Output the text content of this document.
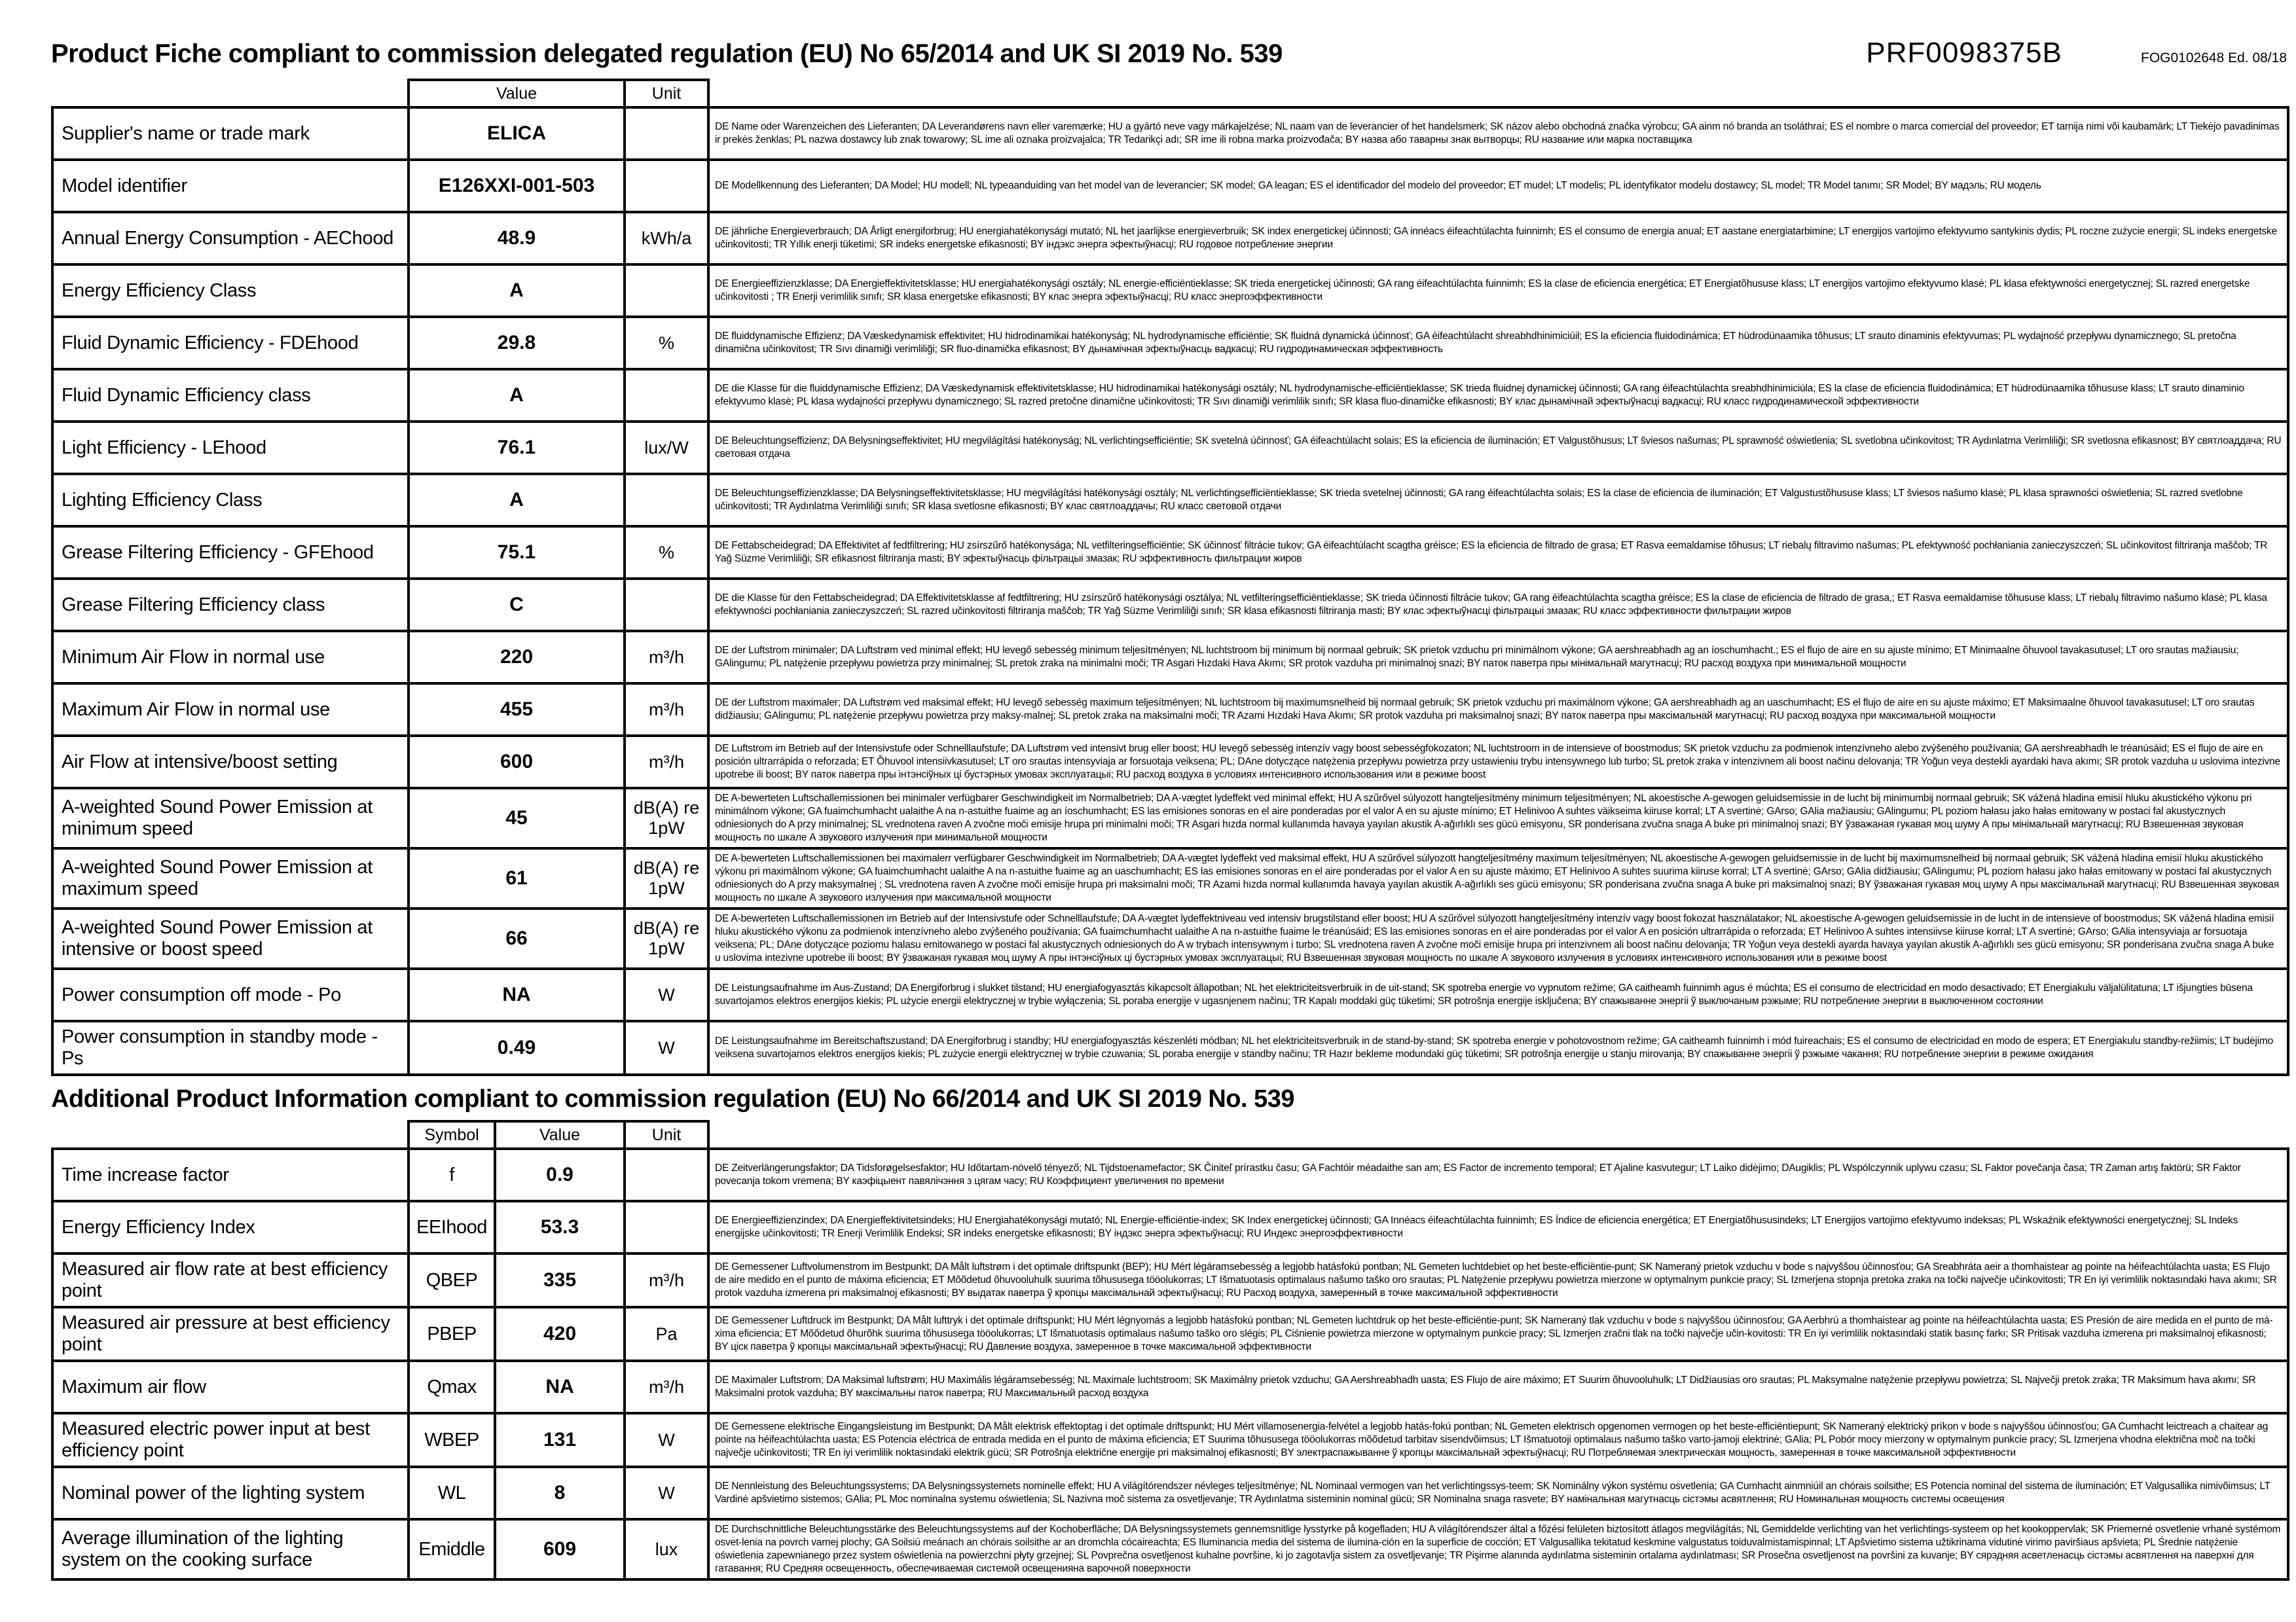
Product Fiche compliant to commission delegated regulation (EU) No 65/2014 and UK SI 2019 No. 539	PRF0098375B	FOG0102648 Ed. 08/18
	Value	Unit	
Supplier's name or trade mark	ELICA		DE Name oder Warenzeichen des Lieferanten; DA Leverandørens navn eller varemærke; HU a gyártó neve vagy márkajelzése; NL naam van de leverancier of het handelsmerk; SK názov alebo obchodná značka výrobcu; GA ainm nó branda an tsoláthraí; ES el nombre o marca comercial del proveedor; ET tarnija nimi või kaubamärk; LT Tiekėjo pavadinimas ir prekės ženklas; PL nazwa dostawcy lub znak towarowy; SL ime ali oznaka proizvajalca; TR Tedarikçi adı; SR ime ili robna marka proizvođača; BY назва або таварны знак вытворцы; RU название или марка поставщика
Model identifier	E126XXI-001-503		DE Modellkennung des Lieferanten; DA Model; HU modell; NL typeaanduiding van het model van de leverancier; SK model; GA leagan; ES el identificador del modelo del proveedor; ET mudel; LT modelis; PL identyfikator modelu dostawcy; SL model; TR Model tanımı; SR Model; BY мадэль; RU модель
Annual Energy Consumption - AEChood	48.9	kWh/a	DE jährliche Energieverbrauch; DA Årligt energiforbrug; HU energiahatékonysági mutató; NL het jaarlijkse energieverbruik; SK index energetickej účinnosti; GA innéacs éifeachtúlachta fuinnimh; ES el consumo de energia anual; ET aastane energiatarbimine; LT energijos vartojimo efektyvumo santykinis dydis; PL roczne zużycie energii; SL indeks energetske učinkovitosti; TR Yıllık enerji tüketimi; SR indeks energetske efikasnosti; BY індэкс энерга эфектыўнасці; RU годовое потребление энергии
Energy Efficiency Class	A		DE Energieeffizienzklasse; DA Energieffektivitetsklasse; HU energiahatékonysági osztály; NL energie-efficiëntieklasse; SK trieda energetickej účinnosti; GA rang éifeachtúlachta fuinnimh; ES la clase de eficiencia energética; ET Energiatõhususe klass; LT energijos vartojimo efektyvumo klasė; PL klasa efektywności energetycznej; SL razred energetske učinkovitosti ; TR Enerji verimlilik sınıfı; SR klasa energetske efikasnosti; BY клас энерга эфектыўнасці; RU класс энергоэффективности
Fluid Dynamic Efficiency - FDEhood	29.8	%	DE fluiddynamische Effizienz; DA Væskedynamisk effektivitet; HU hidrodinamikai hatékonyság; NL hydrodynamische efficiëntie; SK fluidná dynamická účinnosť; GA éifeachtúlacht shreabhdhinimiciúil; ES la eficiencia fluidodinámica; ET hüdrodünaamika tõhusus; LT srauto dinaminis efektyvumas; PL wydajność przepływu dynamicznego; SL pretočna dinamična učinkovitost; TR Sıvı dinamiği verimliliği; SR fluo-dinamička efikasnost; BY дынамічная эфектыўнасць вадкасці; RU гидродинамическая эффективность
Fluid Dynamic Efficiency class	A		DE die Klasse für die fluiddynamische Effizienz; DA Væskedynamisk effektivitetsklasse; HU hidrodinamikai hatékonysági osztály; NL hydrodynamische-efficiëntieklasse; SK trieda fluidnej dynamickej účinnosti; GA rang éifeachtúlachta sreabhdhinimiciúla; ES la clase de eficiencia fluidodinámica; ET hüdrodünaamika tõhususe klass; LT srauto dinaminio efektyvumo klasė; PL klasa wydajności przepływu dynamicznego; SL razred pretočne dinamične učinkovitosti; TR Sıvı dinamiği verimlilik sınıfı; SR klasa fluo-dinamičke efikasnosti; BY клас дынамічнай эфектыўнасці вадкасці; RU класс гидродинамической эффективности
Light Efficiency - LEhood	76.1	lux/W	DE Beleuchtungseffizienz; DA Belysningseffektivitet; HU megvilágítási hatékonyság; NL verlichtingsefficiëntie; SK svetelná účinnosť; GA éifeachtúlacht solais; ES la eficiencia de iluminación; ET Valgustõhusus; LT šviesos našumas; PL sprawność oświetlenia; SL svetlobna učinkovitost; TR Aydınlatma Verimliliği; SR svetlosna efikasnost; BY святлоаддача; RU световая отдача
Lighting Efficiency Class	A		DE Beleuchtungseffizienzklasse; DA Belysningseffektivitetsklasse; HU megvilágítási hatékonysági osztály; NL verlichtingsefficiëntieklasse; SK trieda svetelnej účinnosti; GA rang éifeachtúlachta solais; ES la clase de eficiencia de iluminación; ET Valgustustõhususe klass; LT šviesos našumo klasė; PL klasa sprawności oświetlenia; SL razred svetlobne učinkovitosti; TR Aydınlatma Verimliliği sınıfı; SR klasa svetlosne efikasnosti; BY клас святлоаддачы; RU класс световой отдачи
Grease Filtering Efficiency - GFEhood	75.1	%	DE Fettabscheidegrad; DA Effektivitet af fedtfiltrering; HU zsírszűrő hatékonysága; NL vetfilteringsefficiëntie; SK účinnosť filtrácie tukov; GA éifeachtúlacht scagtha gréisce; ES la eficiencia de filtrado de grasa; ET Rasva eemaldamise tõhusus; LT riebalų filtravimo našumas; PL efektywność pochłaniania zanieczyszczeń; SL učinkovitost filtriranja maščob; TR Yağ Süzme Verimliliği; SR efikasnost filtriranja masti; BY эфектыўнасць фільтрацыі змазак; RU эффективность фильтрации жиров
Grease Filtering Efficiency class	C		DE die Klasse für den Fettabscheidegrad; DA Effektivitetsklasse af fedtfiltrering; HU zsírszűrő hatékonysági osztálya; NL vetfilteringsefficiëntieklasse; SK trieda účinnosti filtrácie tukov; GA rang éifeachtúlachta scagtha gréisce; ES la clase de eficiencia de filtrado de grasa,; ET Rasva eemaldamise tõhususe klass; LT riebalų filtravimo našumo klasė; PL klasa efektywności pochłaniania zanieczyszczeń; SL razred učinkovitosti filtriranja maščob; TR Yağ Süzme Verimliliği sınıfı; SR klasa efikasnosti filtriranja masti; BY клас эфектыўнасці фільтрацыі змазак; RU класс эффективности фильтрации жиров
Minimum Air Flow in normal use	220	m³/h	DE der Luftstrom minimaler; DA Luftstrøm ved minimal effekt; HU levegő sebesség minimum teljesítményen; NL luchtstroom bij minimum bij normaal gebruik; SK prietok vzduchu pri minimálnom výkone; GA aershreabhadh ag an íoschumhacht.; ES el flujo de aire en su ajuste mínimo; ET Minimaalne õhuvool tavakasutusel; LT oro srautas mažiausiu; GAlingumu; PL natężenie przepływu powietrza przy minimalnej; SL pretok zraka na minimalni moči; TR Asgari Hızdaki Hava Akımı; SR protok vazduha pri minimalnoj snazi; BY паток паветра пры мінімальнай магутнасці; RU расход воздуха при минимальной мощности
Maximum Air Flow in normal use	455	m³/h	DE der Luftstrom maximaler; DA Luftstrøm ved maksimal effekt; HU levegő sebesség maximum teljesítményen; NL luchtstroom bij maximumsnelheid bij normaal gebruik; SK prietok vzduchu pri maximálnom výkone; GA aershreabhadh ag an uaschumhacht; ES el flujo de aire en su ajuste máximo; ET Maksimaalne õhuvool tavakasutusel; LT oro srautas didžiausiu; GAlingumu; PL natężenie przepływu powietrza przy maksy-malnej; SL pretok zraka na maksimalni moči; TR Azami Hızdaki Hava Akımı; SR protok vazduha pri maksimalnoj snazi; BY паток паветра пры максімальнай магутнасці; RU расход воздуха при максимальной мощности
Air Flow at intensive/boost setting	600	m³/h	DE Luftstrom im Betrieb auf der Intensivstufe oder Schnelllaufstufe; DA Luftstrøm ved intensivt brug eller boost; HU levegő sebesség intenzív vagy boost sebességfokozaton; NL luchtstroom in de intensieve of boostmodus; SK prietok vzduchu za podmienok intenzívneho alebo zvýšeného používania; GA aershreabhadh le tréanúsáid; ES el flujo de aire en posición ultrarrápida o reforzada; ET Õhuvool intensiivkasutusel; LT oro srautas intensyviaja ar forsuotaja veiksena; PL; DAne dotyczące natężenia przepływu powietrza przy ustawieniu trybu intensywnego lub turbo; SL pretok zraka v intenzivnem ali boost načinu delovanja; TR Yoğun veya destekli ayardaki hava akımı; SR protok vazduha u uslovima intezivne upotrebe ili boost; BY паток паветра пры інтэнсіўных ці бустэрных умовах эксплуатацыі; RU расход воздуха в условиях интенсивного использования или в режиме boost
A-weighted Sound Power Emission at minimum speed	45	dB(A) re 1pW	DE A-bewerteten Luftschallemissionen bei minimaler verfügbarer Geschwindigkeit im Normalbetrieb; DA A-vægtet lydeffekt ved minimal effekt; HU A szűrővel súlyozott hangteljesítmény minimum teljesítményen; NL akoestische A-gewogen geluidsemissie in de lucht bij minimumbij normaal gebruik; SK vážená hladina emisií hluku akustického výkonu pri minimálnom výkone; GA fuaimchumhacht ualaithe A na n-astuithe fuaime ag an íoschumhacht; ES las emisiones sonoras en el aire ponderadas por el valor A en su ajuste mínimo; ET Helinivoo A suhtes väikseima kiiruse korral; LT A svertinė; GArso; GAlia mažiausiu; GAlingumu; PL poziom hałasu jako hałas emitowany w postaci fal akustycznych odniesionych do A przy minimalnej; SL vrednotena raven A zvočne moči emisije hrupa pri minimalni moči; TR Asgari hızda normal kullanımda havaya yayılan akustik A-ağırlıklı ses gücü emisyonu, SR ponderisana zvučna snaga A buke pri minimalnoj snazi; BY ўзважаная гукавая моц шуму А пры мінімальнай магутнасці; RU Взвешенная звуковая мощность по шкале А звукового излучения при минимальной мощности
A-weighted Sound Power Emission at maximum speed	61	dB(A) re 1pW	DE A-bewerteten Luftschallemissionen bei maximalerr verfügbarer Geschwindigkeit im Normalbetrieb; DA A-vægtet lydeffekt ved maksimal effekt, HU A szűrővel súlyozott hangteljesítmény maximum teljesítményen; NL akoestische A-gewogen geluidsemissie in de lucht bij maximumsnelheid bij normaal gebruik; SK vážená hladina emisií hluku akustického výkonu pri maximálnom výkone; GA fuaimchumhacht ualaithe A na n-astuithe fuaime ag an uaschumhacht; ES las emisiones sonoras en el aire ponderadas por el valor A en su ajuste màximo; ET Helinivoo A suhtes suurima kiiruse korral; LT A svertinė; GArso; GAlia didžiausiu; GAlingumu; PL poziom hałasu jako hałas emitowany w postaci fal akustycznych odniesionych do A przy maksymalnej ; SL vrednotena raven A zvočne moči emisije hrupa pri maksimalni moči; TR Azami hızda normal kullanımda havaya yayılan akustik A-ağırlıklı ses gücü emisyonu; SR ponderisana zvučna snaga A buke pri maksimalnoj snazi; BY ўзважаная гукавая моц шуму А пры максімальнай магутнасці; RU Взвешенная звуковая мощность по шкале А звукового излучения при максимальной мощности
A-weighted Sound Power Emission at intensive or boost speed	66	dB(A) re 1pW	DE A-bewerteten Luftschallemissionen im Betrieb auf der Intensivstufe oder Schnelllaufstufe; DA A-vægtet lydeffektniveau ved intensiv brugstilstand eller boost; HU A szűrővel súlyozott hangteljesítmény intenzív vagy boost fokozat használatakor; NL akoestische A-gewogen geluidsemissie in de lucht in de intensieve of boostmodus; SK vážená hladina emisií hluku akustického výkonu za podmienok intenzívneho alebo zvýšeného používania; GA fuaimchumhacht ualaithe A na n-astuithe fuaime le tréanúsáid; ES las emisiones sonoras en el aire ponderadas por el valor A en posición ultrarrápida o reforzada; ET Helinivoo A suhtes intensiivse kiiruse korral; LT A svertinė; GArso; GAlia intensyviaja ar forsuotaja veiksena; PL; DAne dotyczące poziomu halasu emitowanego w postaci fal akustycznych odniesionych do A w trybach intensywnym i turbo; SL vrednotena raven A zvočne moči emisije hrupa pri intenzivnem ali boost načinu delovanja; TR Yoğun veya destekli ayarda havaya yayılan akustik A-ağırlıklı ses gücü emisyonu; SR ponderisana zvučna snaga A buke u uslovima intezivne upotrebe ili boost; BY ўзважаная гукавая моц шуму А пры інтэнсіўных ці бустэрных умовах эксплуатацыі; RU Взвешенная звуковая мощность по шкале А звукового излучения в условиях интенсивного использования или в режиме boost
Power consumption off mode - Po	NA	W	DE Leistungsaufnahme im Aus-Zustand; DA Energiforbrug i slukket tilstand; HU energiafogyasztás kikapcsolt állapotban; NL het elektriciteitsverbruik in de uit-stand; SK spotreba energie vo vypnutom režime; GA caitheamh fuinnimh agus é múchta; ES el consumo de electricidad en modo desactivado; ET Energiakulu väljalülitatuna; LT išjungties būsena suvartojamos elektros energijos kiekis; PL użycie energii elektrycznej w trybie wyłączenia; SL poraba energije v ugasnjenem načinu; TR Kapalı moddaki güç tüketimi; SR potrošnja energije isključena; BY спажыванне энергіі ў выключаным рэжыме; RU потребление энергии в выключенном состоянии
Power consumption in standby mode - Ps	0.49	W	DE Leistungsaufnahme im Bereitschaftszustand; DA Energiforbrug i standby; HU energiafogyasztás készenléti módban; NL het elektriciteitsverbruik in de stand-by-stand; SK spotreba energie v pohotovostnom režime; GA caitheamh fuinnimh i mód fuireachais; ES el consumo de electricidad en modo de espera; ET Energiakulu standby-režiimis; LT budėjimo veiksena suvartojamos elektros energijos kiekis; PL zużycie energii elektrycznej w trybie czuwania; SL poraba energije v standby načinu; TR Hazır bekleme modundaki güç tüketimi; SR potrošnja energije u stanju mirovanja; BY спажыванне энергіі ў рэжыме чакання; RU потребление энергии в режиме ожидания
Additional Product Information compliant to commission regulation (EU) No 66/2014 and UK SI 2019 No. 539
	Symbol	Value	Unit	
Time increase factor	f	0.9		DE Zeitverlängerungsfaktor; DA Tidsforøgelsesfaktor; HU Időtartam-növelő tényező; NL Tijdstoenamefactor; SK Činiteľ prírastku času; GA Fachtóir méadaithe san am; ES Factor de incremento temporal; ET Ajaline kasvutegur; LT Laiko didėjimo; DAugiklis; PL Wspólczynnik uplywu czasu; SL Faktor povečanja časa; TR Zaman artış faktörü; SR Faktor povecanja tokom vremena; BY каэфіцыент павялічэння з цягам часу; RU Коэффициент увеличения по времени
Energy Efficiency Index	EEIhood	53.3		DE Energieeffizienzindex; DA Energieffektivitetsindeks; HU Energiahatékonysági mutató; NL Energie-efficiëntie-index; SK Index energetickej účinnosti; GA Innéacs éifeachtúlachta fuinnimh; ES Índice de eficiencia energética; ET Energiatõhususindeks; LT Energijos vartojimo efektyvumo indeksas; PL Wskaźnik efektywności energetycznej; SL Indeks energijske učinkovitosti; TR Enerji Verimlilik Endeksi; SR indeks energetske efikasnosti; BY індэкс энерга эфектыўнасці; RU Индекс энергоэффективности
Measured air flow rate at best efficiency point	QBEP	335	m³/h	DE Gemessener Luftvolumenstrom im Bestpunkt; DA Målt luftstrøm i det optimale driftspunkt (BEP); HU Mért légáramsebesség a legjobb hatásfokú pontban; NL Gemeten luchtdebiet op het beste-efficiëntie-punt; SK Nameraný prietok vzduchu v bode s najvyššou účinnosťou; GA Sreabhráta aeir a thomhaistear ag pointe na héifeachtúlachta uasta; ES Flujo de aire medido en el punto de máxima eficiencia; ET Mõõdetud õhuvooluhulk suurima tõhususega tööolukorras; LT Išmatuotasis optimalaus našumo taško oro srautas; PL Natężenie przepływu powietrza mierzone w optymalnym punkcie pracy; SL Izmerjena stopnja pretoka zraka na točki največje učinkovitosti; TR En iyi verimlilik noktasındaki hava akımı; SR protok vazduha izmerena pri maksimalnoj efikasnosti; BY выдатак паветра ў кропцы максімальнай эфектыўнасці; RU Расход воздуха, замеренный в точке максимальной эффективности
Measured air pressure at best efficiency point	PBEP	420	Pa	DE Gemessener Luftdruck im Bestpunkt; DA Målt lufttryk i det optimale driftspunkt; HU Mért légnyomás a legjobb hatásfokú pontban; NL Gemeten luchtdruk op het beste-efficiëntie-punt; SK Nameraný tlak vzduchu v bode s najvyššou účinnosťou; GA Aerbhrú a thomhaistear ag pointe na héifeachtúlachta uasta; ES Presión de aire medida en el punto de má-xima eficiencia; ET Mõõdetud õhurõhk suurima tõhususega tööolukorras; LT Išmatuotasis optimalaus našumo taško oro slégis; PL Ciśnienie powietrza mierzone w optymalnym punkcie pracy; SL Izmerjen zračni tlak na točki največje učin-kovitosti: TR En iyi verimlilik noktasındaki statik basınç farkı; SR Pritisak vazduha izmerena pri maksimalnoj efikasnosti; BY ціск паветра ў кропцы максімальнай эфектыўнасці; RU Давление воздуха, замеренное в точке максимальной эффективности
Maximum air flow	Qmax	NA	m³/h	DE Maximaler Luftstrom; DA Maksimal luftstrøm; HU Maximális légáramsebesség; NL Maximale luchtstroom; SK Maximálny prietok vzduchu; GA Aershreabhadh uasta; ES Flujo de aire máximo; ET Suurim õhuvooluhulk; LT Didžiausias oro srautas; PL Maksymalne natężenie przepływu powietrza; SL Največji pretok zraka; TR Maksimum hava akımı; SR Maksimalni protok vazduha; BY максімальны паток паветра; RU Максимальный расход воздуха
Measured electric power input at best efficiency point	WBEP	131	W	DE Gemessene elektrische Eingangsleistung im Bestpunkt; DA Målt elektrisk effektoptag i det optimale driftspunkt; HU Mért villamosenergia-felvétel a legjobb hatás-fokú pontban; NL Gemeten elektrisch opgenomen vermogen op het beste-efficiëntiepunt; SK Nameraný elektrický príkon v bode s najvyššou účinnosťou; GA Cumhacht leictreach a chaitear ag pointe na héifeachtúlachta uasta; ES Potencia eléctrica de entrada medida en el punto de máxima eficiencia; ET Suurima tõhususega tööolukorras mõõdetud tarbitav sisendvõimsus; LT Išmatuotoji optimalaus našumo taško varto-jamoji elektrinė; GAlia; PL Pobór mocy mierzony w optymalnym punkcie pracy; SL Izmerjena vhodna električna moč na točki največje učinkovitosti; TR En iyi verimlilik noktasındaki elektrik gücü; SR Potrošnja električne energije pri maksimalnoj efikasnosti; BY электраспажыванне ў кропцы максімальнай эфектыўнасці; RU Потребляемая электрическая мощность, замеренная в точке максимальной эффективности
Nominal power of the lighting system	WL	8	W	DE Nennleistung des Beleuchtungssystems; DA Belysningssystemets nominelle effekt; HU A világítórendszer névleges teljesítménye; NL Nominaal vermogen van het verlichtingssys-teem; SK Nominálny výkon systému osvetlenia; GA Cumhacht ainmniúil an chórais soilsithe; ES Potencia nominal del sistema de iluminación; ET Valgusallika nimivõimsus; LT Vardinė apšvietimo sistemos; GAlia; PL Moc nominalna systemu oświetlenia; SL Nazivna moč sistema za osvetljevanje; TR Aydınlatma sisteminin nominal gücü; SR Nominalna snaga rasvete; BY намінальная магутнасць сістэмы асвятлення; RU Номинальная мощность системы освещения
Average illumination of the lighting system on the cooking surface	Emiddle	609	lux	DE Durchschnittliche Beleuchtungsstärke des Beleuchtungssystems auf der Kochoberfläche; DA Belysningssystemets gennemsnitlige lysstyrke på kogefladen; HU A világítórendszer által a főzési felületen biztosított átlagos megvilágítás; NL Gemiddelde verlichting van het verlichtings-systeem op het kookoppervlak; SK Priemerné osvetlenie vrhané systémom osvet-lenia na povrch varnej plochy; GA Soilsiú meánach an chórais soilsithe ar an dromchla cócaireachta; ES Iluminancia media del sistema de ilumina-ción en la superficie de cocción; ET Valgusallika tekitatud keskmine valgustatus toiduvalmistamispinnal; LT Apšvietimo sistema užtikrinama vidutinė virimo paviršiaus apšvieta; PL Średnie natężenie oświetlenia zapewnianego przez system oświetlenia na powierzchni płyty grzejnej; SL Povprečna osvetljenost kuhalne površine, ki jo zagotavlja sistem za osvetljevanje; TR Pişirme alanında aydınlatma sisteminin ortalama aydınlatması; SR Prosečna osvetljenost na površini za kuvanje; BY сярэдняя асветленасць сістэмы асвятлення на паверхні для гатавання; RU Средняя освещенность, обеспечиваемая системой освещенияна варочной поверхности
